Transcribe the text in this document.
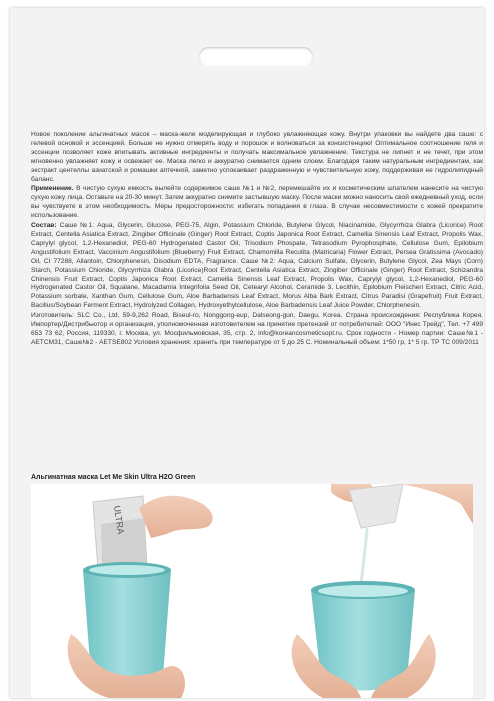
Новое поколение альгинатных масок – маска-желе моделирующая и глубоко увлажняющая кожу. Внутри упаковки вы найдете два саше: с гелевой основой и эссенцией. Больше не нужно отмерять воду и порошок и волноваться за консистенцию! Оптимальное соотношение геля и эссенции позволяет коже впитывать активные ингредиенты и получать максимальное увлажнение. Текстура не липнет и не течет, при этом мгновенно увлажняет кожу и освежает ее. Маска легко и аккуратно снимается одним слоем. Благодаря таким натуральным ингредиентам, как экстракт центеллы азиатской и ромашки аптечной, заметно успокаивает раздраженную и чувствительную кожу, поддерживая ее гидролипидный баланс.

Применение. В чистую сухую емкость вылейте содержимое саше №1 и №2, перемешайте их и косметическим шпателем нанесите на чистую сухую кожу лица. Оставьте на 20-30 минут. Затем аккуратно снимите застывшую маску. После маски можно наносить свой ежедневный уход, если вы чувствуете в этом необходимость. Меры предосторожности: избегать попадания в глаза. В случае несовместимости с кожей прекратите использование.

Состав: Саше №1: Aqua, Glycerin, Glucose, PEG-75, Algin, Potassium Chloride, Butylene Glycol, Niacinamide, Glycyrrhiza Glabra (Licorice) Root Extract, Centella Asiatica Extract, Zingiber Officinale (Ginger) Root Extract, Coptis Japonica Root Extract, Camellia Sinensis Leaf Extract, Propolis Wax, Caprylyl glycol, 1,2-Hexanediol, PEG-60 Hydrogenated Castor Oil, Trisodium Phospate, Tetrasodium Pyrophosphate, Cellulose Gum, Epilobium Angustifolium Extract, Vaccinium Angustifolium (Blueberry) Fruit Extract, Chamomilla Recutita (Matricaria) Flower Extract, Persea Gratissima (Avocado) Oil, CI 77288, Allantoin, Chlorphenesin, Disodium EDTA, Fragrance. Саше №2: Aqua, Calcium Sulfate, Glycerin, Butylene Glycol, Zea Mays (Corn) Starch, Potassium Chloride, Glycyrrhiza Glabra (Licorice)Root Extract, Centella Asiatica Extract, Zingiber Officinale (Ginger) Root Extract, Schizandra Chinensis Fruit Extract, Coptis Japonica Root Extract, Camellia Sinensis Leaf Extract, Propolis Wax, Caprylyl glycol, 1,2-Hexanediol, PEG-60 Hydrogenated Castor Oil, Squalane, Macadamia Integrifolia Seed Oil, Cetearyl Alcohol, Ceramide 3, Lecithin, Epilobium Fleischeri Extract, Citric Acid, Potassium sorbate, Xanthan Gum, Cellulose Gum, Aloe Barbadensis Leaf Extract, Morus Alba Bark Extract, Citrus Paradisi (Grapefruit) Fruit Extract, Bacillus/Soybean Ferment Extract, Hydrolyzed Collagen, Hydroxyethylcellulose, Aloe Barbadensis Leaf Juice Powder, Chlorphenesin.

Изготовитель: SLC Co., Ltd, 59-9,262 Road, Biseul-ro, Nonggong-eup, Dalseong-gun, Daegu, Korea. Страна происхождения: Республика Корея. Импортер/Дистрибьютор и организация, уполномоченная изготовителем на принятие претензий от потребителей: ООО "Инес Трейд", Тел. +7 499 653 73 62, Россия, 119330, г. Москва, ул. Мосфильмовская, 35, стр. 2, info@koreancosmeticsopt.ru. Срок годности - Номер партии: Саше№1 - AETCM31, Саше№2 - AETSE802 Условия хранения: хранить при температуре от 5 до 25 С. Номинальный объем: 1*50 гр, 1* 5 гр. ТР ТС 009/2011

Альгинатная маска Let Me Skin Ultra H2O Green
ULTRA
